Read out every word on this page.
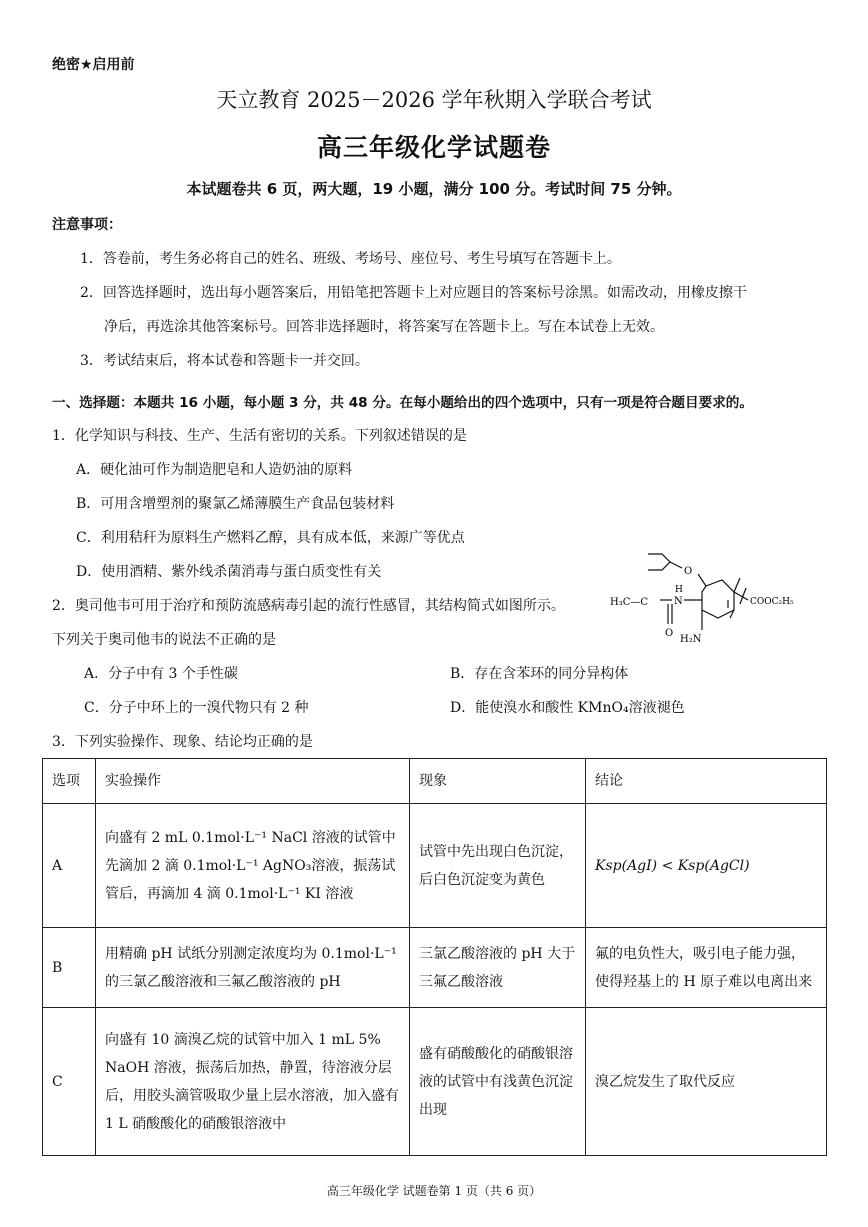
绝密★启用前
天立教育 2025－2026 学年秋期入学联合考试
高三年级化学试题卷
本试题卷共 6 页，两大题，19 小题，满分 100 分。考试时间 75 分钟。
注意事项：
1．答卷前，考生务必将自己的姓名、班级、考场号、座位号、考生号填写在答题卡上。
2．回答选择题时，选出每小题答案后，用铅笔把答题卡上对应题目的答案标号涂黑。如需改动，用橡皮擦干
净后，再选涂其他答案标号。回答非选择题时，将答案写在答题卡上。写在本试卷上无效。
3．考试结束后，将本试卷和答题卡一并交回。
一、选择题：本题共 16 小题，每小题 3 分，共 48 分。在每小题给出的四个选项中，只有一项是符合题目要求的。
1．化学知识与科技、生产、生活有密切的关系。下列叙述错误的是
A．硬化油可作为制造肥皂和人造奶油的原料
B．可用含增塑剂的聚氯乙烯薄膜生产食品包装材料
C．利用秸秆为原料生产燃料乙醇，具有成本低，来源广等优点
D．使用酒精、紫外线杀菌消毒与蛋白质变性有关
2．奥司他韦可用于治疗和预防流感病毒引起的流行性感冒，其结构简式如图所示。
下列关于奥司他韦的说法不正确的是
A．分子中有 3 个手性碳	B．存在含苯环的同分异构体
C．分子中环上的一溴代物只有 2 种	D．能使溴水和酸性 KMnO₄溶液褪色
H₃C—C	N
H
O
O
COOC₂H₅
H₂N
3．下列实验操作、现象、结论均正确的是
选项	实验操作	现象	结论
A	向盛有 2 mL 0.1mol·L⁻¹ NaCl 溶液的试管中先滴加 2 滴 0.1mol·L⁻¹ AgNO₃溶液，振荡试管后，再滴加 4 滴 0.1mol·L⁻¹ KI 溶液	试管中先出现白色沉淀，后白色沉淀变为黄色	Ksp(AgI) < Ksp(AgCl)
B	用精确 pH 试纸分别测定浓度均为 0.1mol·L⁻¹ 的三氯乙酸溶液和三氟乙酸溶液的 pH	三氯乙酸溶液的 pH 大于三氟乙酸溶液	氟的电负性大，吸引电子能力强，使得羟基上的 H 原子难以电离出来
C	向盛有 10 滴溴乙烷的试管中加入 1 mL 5% NaOH 溶液，振荡后加热，静置，待溶液分层后，用胶头滴管吸取少量上层水溶液，加入盛有 1 L 硝酸酸化的硝酸银溶液中	盛有硝酸酸化的硝酸银溶液的试管中有浅黄色沉淀出现	溴乙烷发生了取代反应
高三年级化学 试题卷第 1 页（共 6 页）
